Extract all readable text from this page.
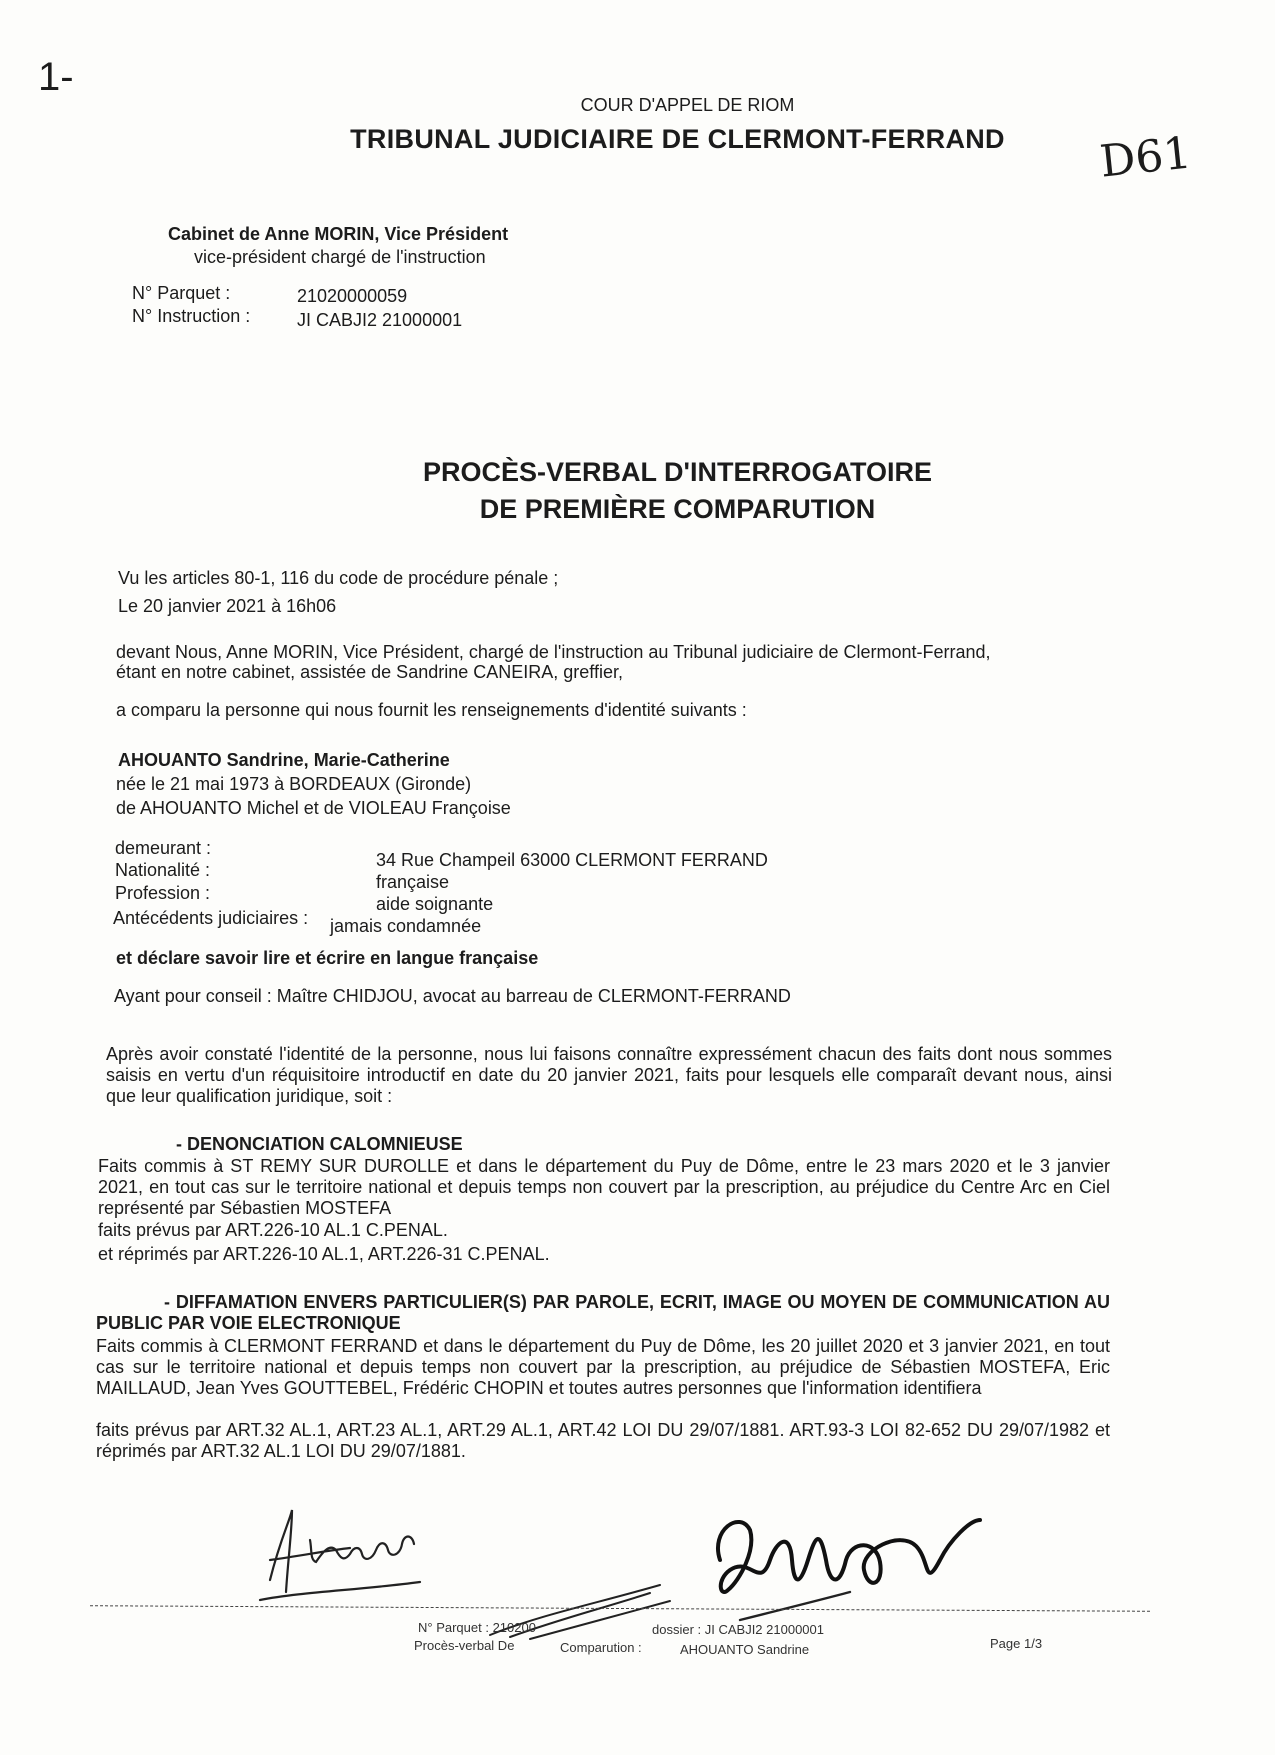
1-
COUR D'APPEL DE RIOM
TRIBUNAL JUDICIAIRE DE CLERMONT-FERRAND	D61
Cabinet de Anne MORIN, Vice Président
vice-président chargé de l'instruction
N° Parquet :	21020000059
N° Instruction :	JI CABJI2 21000001
PROCÈS-VERBAL D'INTERROGATOIRE
DE PREMIÈRE COMPARUTION
Vu les articles 80-1, 116 du code de procédure pénale ;
Le 20 janvier 2021 à 16h06
devant Nous, Anne MORIN, Vice Président, chargé de l'instruction au Tribunal judiciaire de Clermont-Ferrand,
étant en notre cabinet, assistée de Sandrine CANEIRA, greffier,
a comparu la personne qui nous fournit les renseignements d'identité suivants :
AHOUANTO Sandrine, Marie-Catherine
née le 21 mai 1973 à BORDEAUX (Gironde)
de AHOUANTO Michel et de VIOLEAU Françoise
demeurant :
34 Rue Champeil 63000 CLERMONT FERRAND
Nationalité :
française
Profession :
aide soignante
Antécédents judiciaires : jamais condamnée
et déclare savoir lire et écrire en langue française
Ayant pour conseil : Maître CHIDJOU, avocat au barreau de CLERMONT-FERRAND
Après avoir constaté l'identité de la personne, nous lui faisons connaître expressément chacun des faits dont nous sommes saisis en vertu d'un réquisitoire introductif en date du 20 janvier 2021, faits pour lesquels elle comparaît devant nous, ainsi que leur qualification juridique, soit :
- DENONCIATION CALOMNIEUSE
Faits commis à ST REMY SUR DUROLLE et dans le département du Puy de Dôme, entre le 23 mars 2020 et le 3 janvier 2021, en tout cas sur le territoire national et depuis temps non couvert par la prescription, au préjudice du Centre Arc en Ciel représenté par Sébastien MOSTEFA
faits prévus par ART.226-10 AL.1 C.PENAL.
et réprimés par ART.226-10 AL.1, ART.226-31 C.PENAL.
- DIFFAMATION ENVERS PARTICULIER(S) PAR PAROLE, ECRIT, IMAGE OU MOYEN DE COMMUNICATION AU PUBLIC PAR VOIE ELECTRONIQUE
Faits commis à CLERMONT FERRAND et dans le département du Puy de Dôme, les 20 juillet 2020 et 3 janvier 2021, en tout cas sur le territoire national et depuis temps non couvert par la prescription, au préjudice de Sébastien MOSTEFA, Eric MAILLAUD, Jean Yves GOUTTEBEL, Frédéric CHOPIN et toutes autres personnes que l'information identifiera
faits prévus par ART.32 AL.1, ART.23 AL.1, ART.29 AL.1, ART.42 LOI DU 29/07/1881. ART.93-3 LOI 82-652 DU 29/07/1982 et réprimés par ART.32 AL.1 LOI DU 29/07/1881.
N° Parquet : 210200	dossier : JI CABJI2 21000001
Procès-verbal De	Comparution :	AHOUANTO Sandrine	Page 1/3
